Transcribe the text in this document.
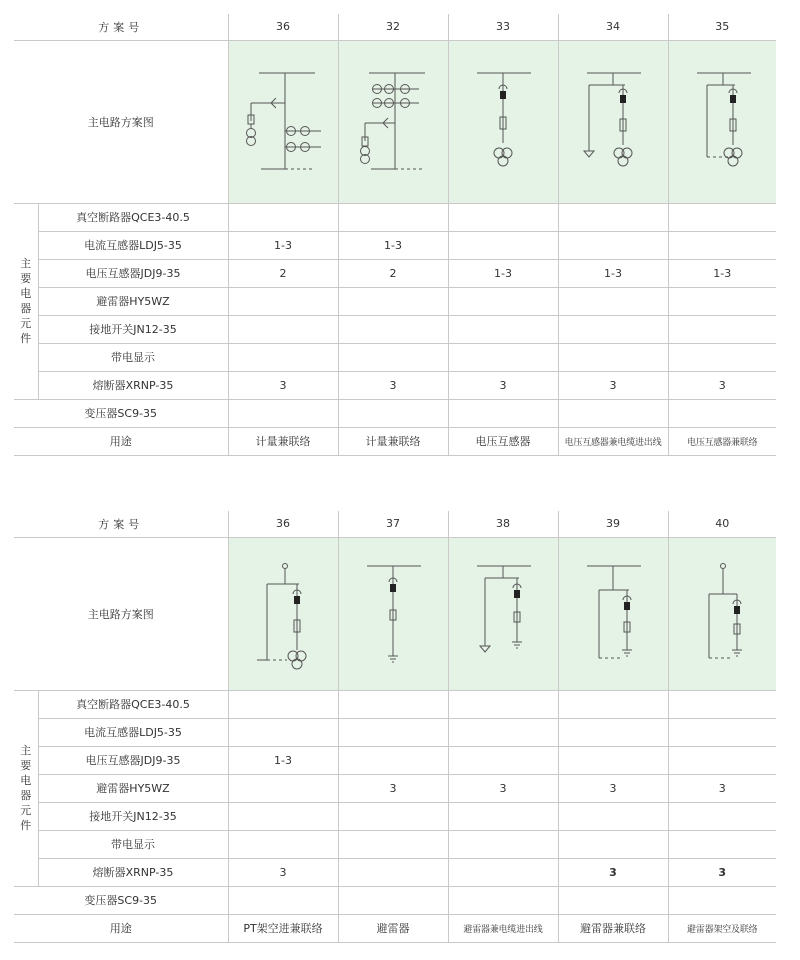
方案号		36	32	33	34	35
主电路方案图	

主要电器元件	真空断路器QCE3-40.5					
	电流互感器LDJ5-35	1-3	1-3			
	电压互感器JDJ9-35	2	2	1-3	1-3	1-3
	避雷器HY5WZ					
	接地开关JN12-35					
	带电显示					
	熔断器XRNP-35	3	3	3	3	3
变压器SC9-35						
用途		计量兼联络	计量兼联络	电压互感器	电压互感器兼电缆进出线	电压互感器兼联络
方案号		36	37	38	39	40
主电路方案图	

主要电器元件	真空断路器QCE3-40.5					
	电流互感器LDJ5-35					
	电压互感器JDJ9-35	1-3				
	避雷器HY5WZ		3	3	3	3
	接地开关JN12-35					
	带电显示					
	熔断器XRNP-35	3			3	3
变压器SC9-35						
用途		PT架空进兼联络	避雷器	避雷器兼电缆进出线	避雷器兼联络	避雷器架空及联络
